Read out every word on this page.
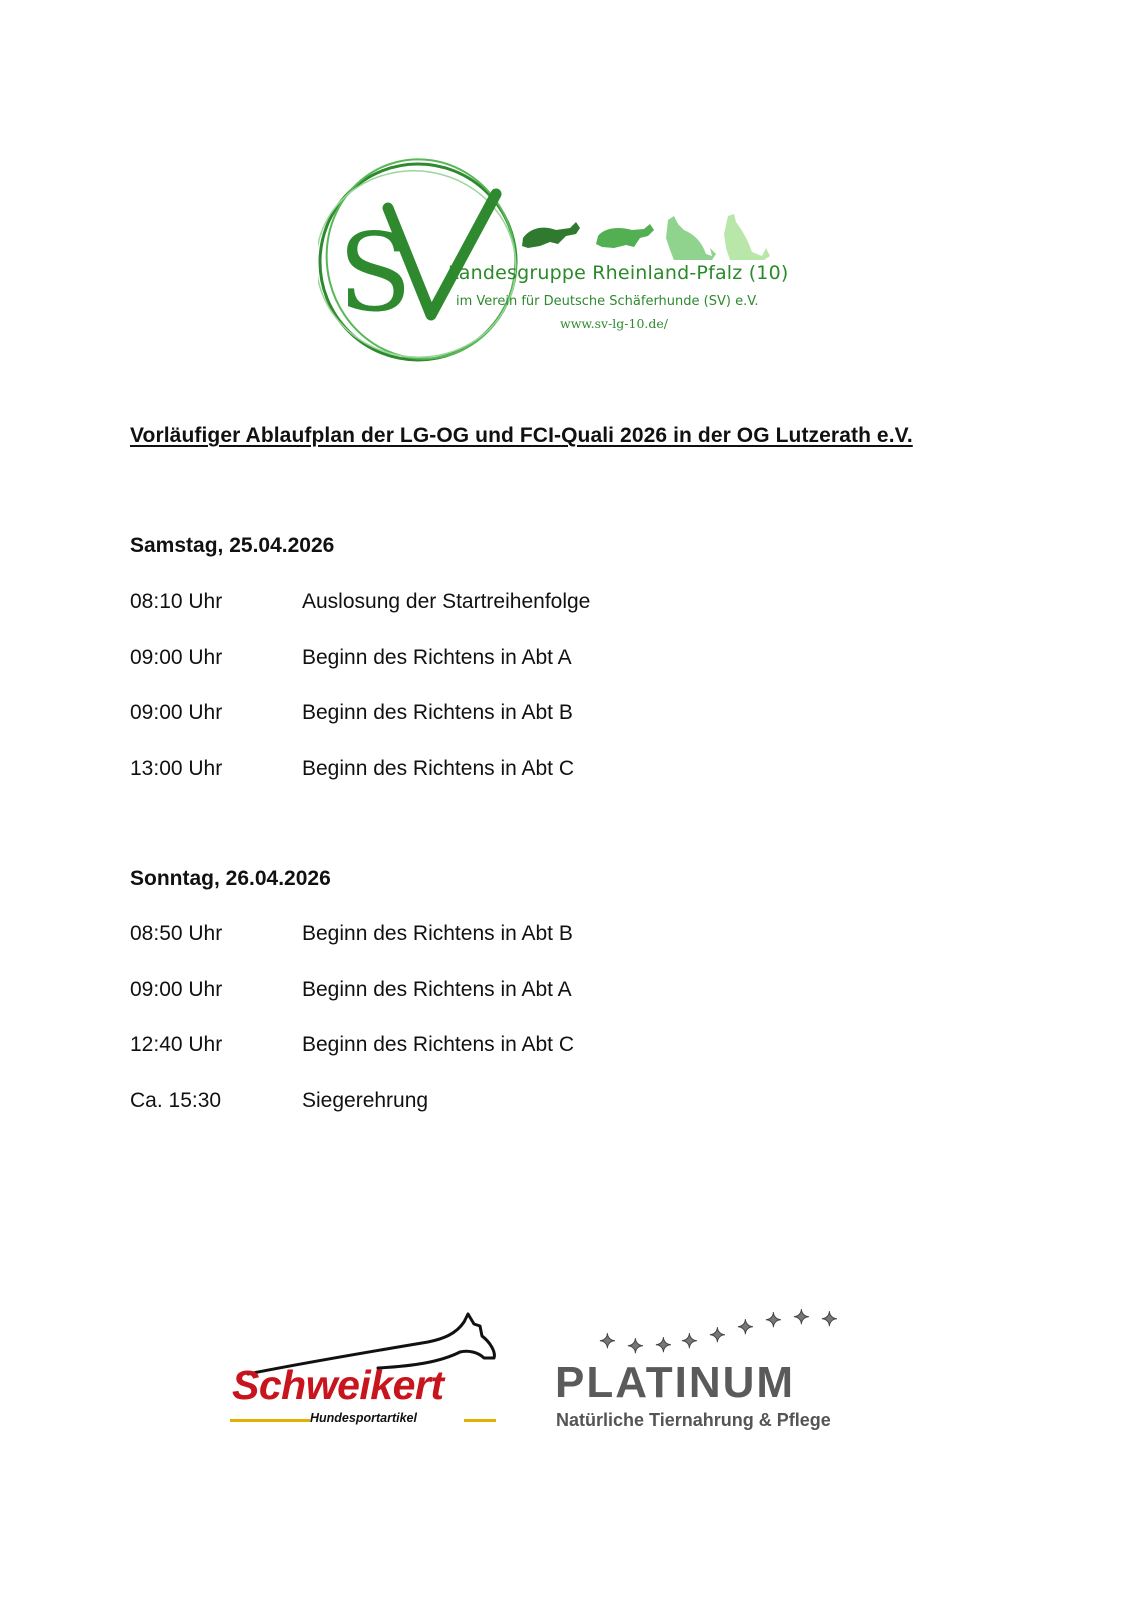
S Landesgruppe Rheinland-Pfalz (10)
im Verein für Deutsche Schäferhunde (SV) e.V.
www.sv-lg-10.de/
Vorläufiger Ablaufplan der LG-OG und FCI-Quali 2026 in der OG Lutzerath e.V.
Samstag, 25.04.2026
08:10 Uhr	Auslosung der Startreihenfolge
09:00 Uhr	Beginn des Richtens in Abt A
09:00 Uhr	Beginn des Richtens in Abt B
13:00 Uhr	Beginn des Richtens in Abt C
Sonntag, 26.04.2026
08:50 Uhr	Beginn des Richtens in Abt B
09:00 Uhr	Beginn des Richtens in Abt A
12:40 Uhr	Beginn des Richtens in Abt C
Ca. 15:30	Siegerehrung
Schweikert
Hundesportartikel
✦ ✦ ✦ ✦ ✦ ✦ ✦ ✦ ✦
PLATINUM
Natürliche Tiernahrung & Pflege
